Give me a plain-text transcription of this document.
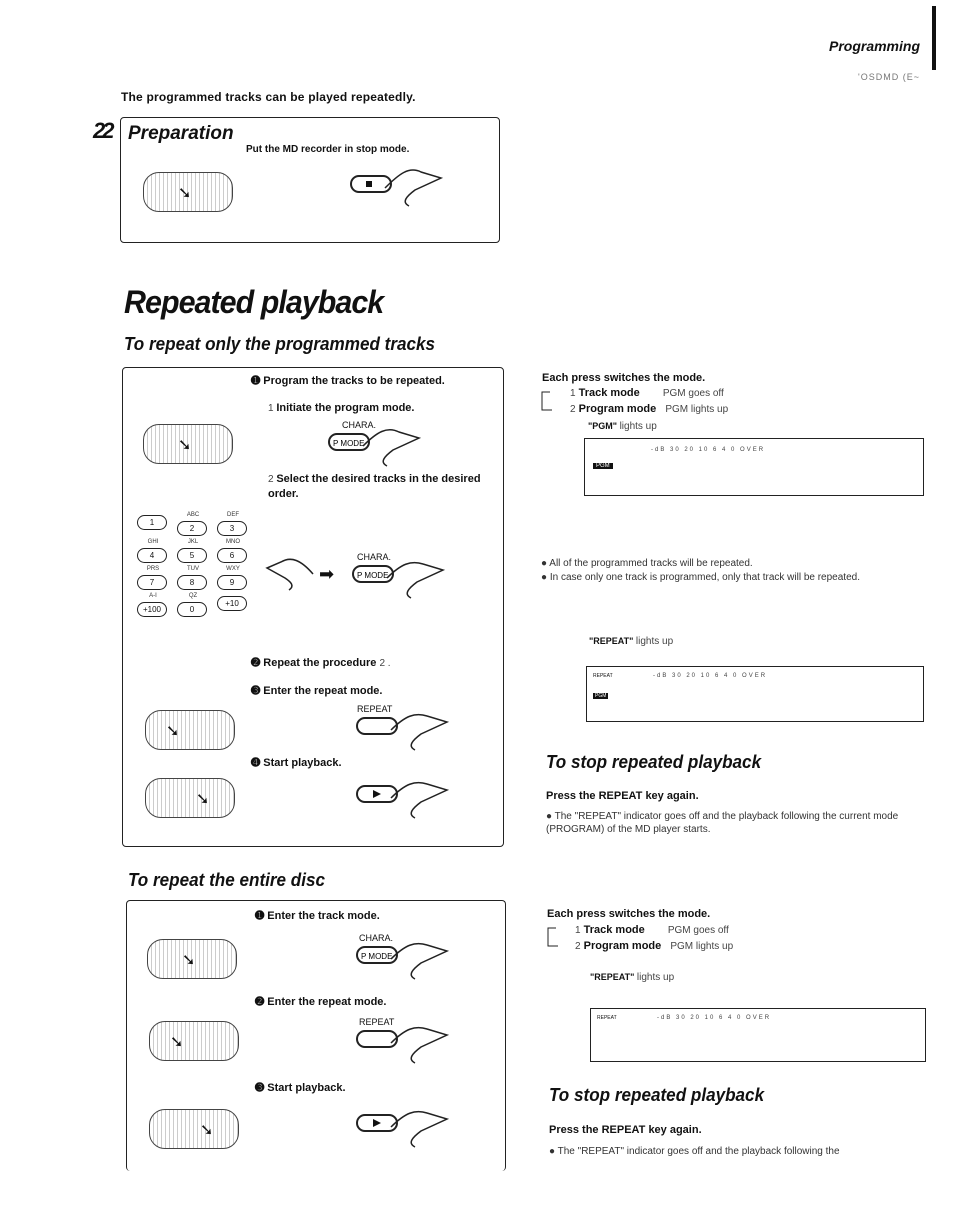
Programming
'OSDMD (E~
The programmed tracks can be played repeatedly.
22 Preparation
Put the MD recorder in stop mode.
➘
Repeated playback
To repeat only the programmed tracks
➊ Program the tracks to be repeated.
1 Initiate the program mode.
➘
CHARA.
P MODE
2 Select the desired tracks in the desired order.
1
ABC
2
DEF
3
GHI
4
JKL
5
MNO
6
PRS
7
TUV
8
WXY
9
A-I
+100
QZ
0
+10
➡
CHARA.
P MODE
➋ Repeat the procedure 2 .
➌ Enter the repeat mode.
➘
REPEAT
➍ Start playback.
➘
Each press switches the mode.
1 Track mode PGM goes off
2 Program mode PGM lights up
"PGM" lights up
PGM
-dB 30 20 10 6 4 0 OVER
● All of the programmed tracks will be repeated.
● In case only one track is programmed, only that track will be repeated.
"REPEAT" lights up
REPEAT
PGM
-dB 30 20 10 6 4 0 OVER
To stop repeated playback
Press the REPEAT key again.
● The "REPEAT" indicator goes off and the playback following the current mode (PROGRAM) of the MD player starts.
To repeat the entire disc
➊ Enter the track mode.
➘
CHARA.
P MODE
➋ Enter the repeat mode.
➘
REPEAT
➌ Start playback.
➘
Each press switches the mode.
1 Track mode PGM goes off
2 Program mode PGM lights up
"REPEAT" lights up
REPEAT	-dB 30 20 10 6 4 0 OVER
To stop repeated playback
Press the REPEAT key again.
● The "REPEAT" indicator goes off and the playback following the
